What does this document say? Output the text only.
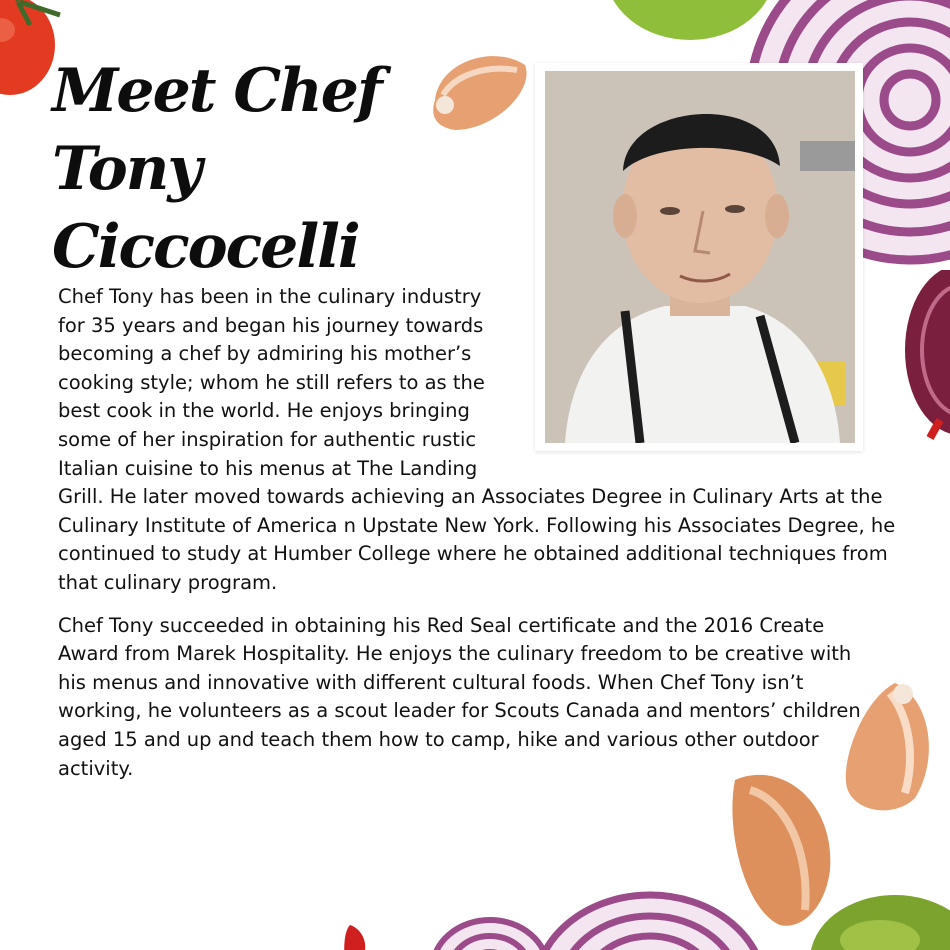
Meet Chef
Tony Ciccocelli

Chef Tony has been in the culinary industry for 35 years and began his journey towards becoming a chef by admiring his mother’s cooking style; whom he still refers to as the best cook in the world. He enjoys bringing some of her inspiration for authentic rustic Italian cuisine to his menus at The Landing
Grill. He later moved towards achieving an Associates Degree in Culinary Arts at the Culinary Institute of America n Upstate New York. Following his Associates Degree, he continued to study at Humber College where he obtained additional techniques from that culinary program.

Chef Tony succeeded in obtaining his Red Seal certificate and the 2016 Create Award from Marek Hospitality. He enjoys the culinary freedom to be creative with his menus and innovative with different cultural foods. When Chef Tony isn’t working, he volunteers as a scout leader for Scouts Canada and mentors’ children aged 15 and up and teach them how to camp, hike and various other outdoor activity.
